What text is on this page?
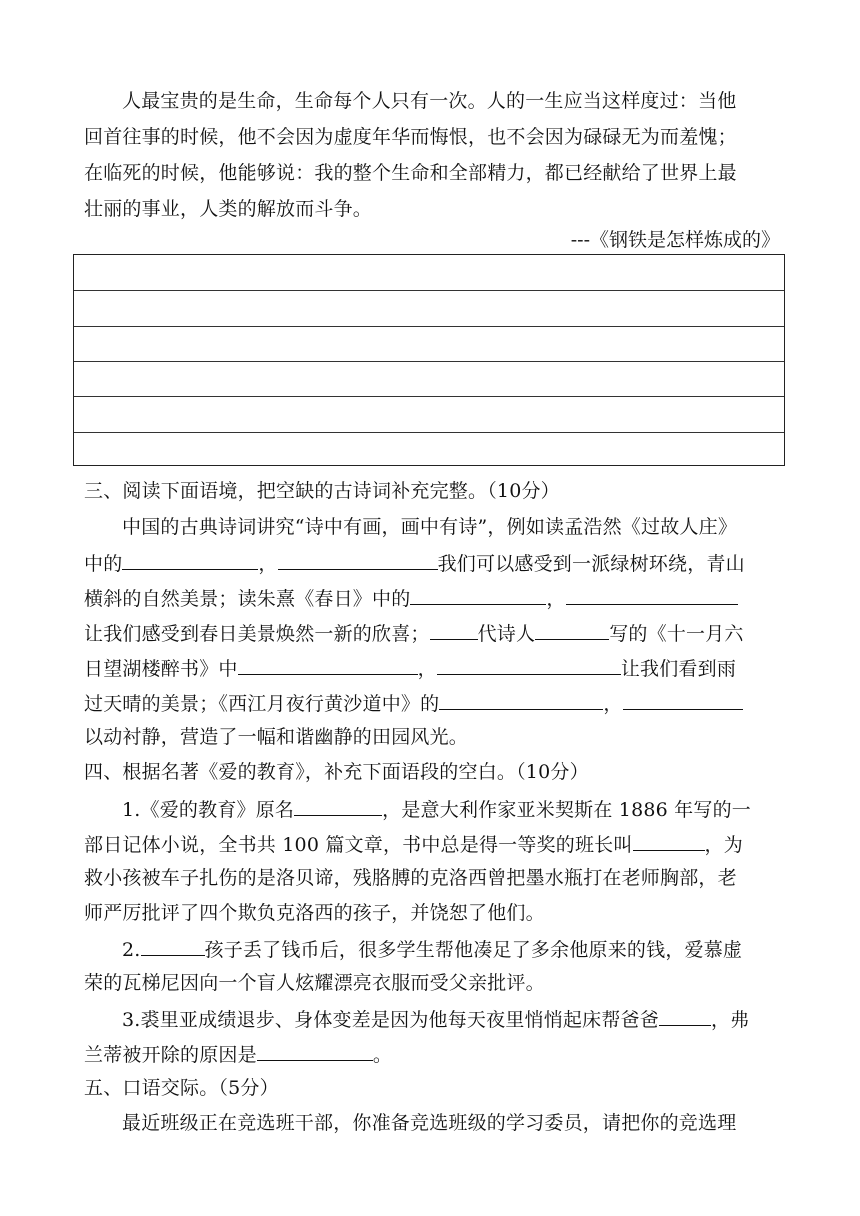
人最宝贵的是生命，生命每个人只有一次。人的一生应当这样度过：当他
回首往事的时候，他不会因为虚度年华而悔恨，也不会因为碌碌无为而羞愧；
在临死的时候，他能够说：我的整个生命和全部精力，都已经献给了世界上最
壮丽的事业，人类的解放而斗争。
---《钢铁是怎样炼成的》
三、阅读下面语境，把空缺的古诗词补充完整。（10分）
中国的古典诗词讲究“诗中有画，画中有诗”，例如读孟浩然《过故人庄》
中的	，	我们可以感受到一派绿树环绕，青山
横斜的自然美景；读朱熹《春日》中的	，
让我们感受到春日美景焕然一新的欣喜；	代诗人	写的《十一月六
日望湖楼醉书》中	，	让我们看到雨
过天晴的美景；《西江月夜行黄沙道中》的	，
以动衬静，营造了一幅和谐幽静的田园风光。
四、根据名著《爱的教育》，补充下面语段的空白。（10分）
1.《爱的教育》原名	，是意大利作家亚米契斯在 1886 年写的一
部日记体小说，全书共 100 篇文章，书中总是得一等奖的班长叫	，为
救小孩被车子扎伤的是洛贝谛，残胳膊的克洛西曾把墨水瓶打在老师胸部，老
师严厉批评了四个欺负克洛西的孩子，并饶恕了他们。
2.	孩子丢了钱币后，很多学生帮他凑足了多余他原来的钱，爱慕虚
荣的瓦梯尼因向一个盲人炫耀漂亮衣服而受父亲批评。
3.裘里亚成绩退步、身体变差是因为他每天夜里悄悄起床帮爸爸	，弗
兰蒂被开除的原因是	。
五、口语交际。（5分）
最近班级正在竞选班干部，你准备竞选班级的学习委员，请把你的竞选理
